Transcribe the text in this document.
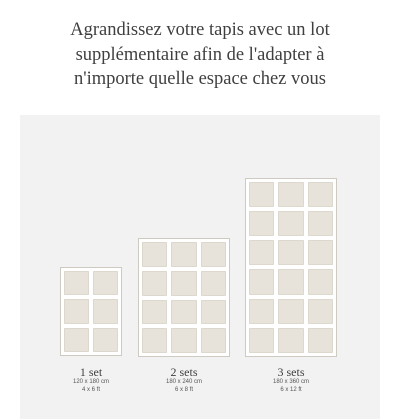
Agrandissez votre tapis avec un lot
supplémentaire afin de l'adapter à
n'importe quelle espace chez vous
1 set
120 x 180 cm
4 x 6 ft
2 sets
180 x 240 cm
6 x 8 ft
3 sets
180 x 360 cm
6 x 12 ft
